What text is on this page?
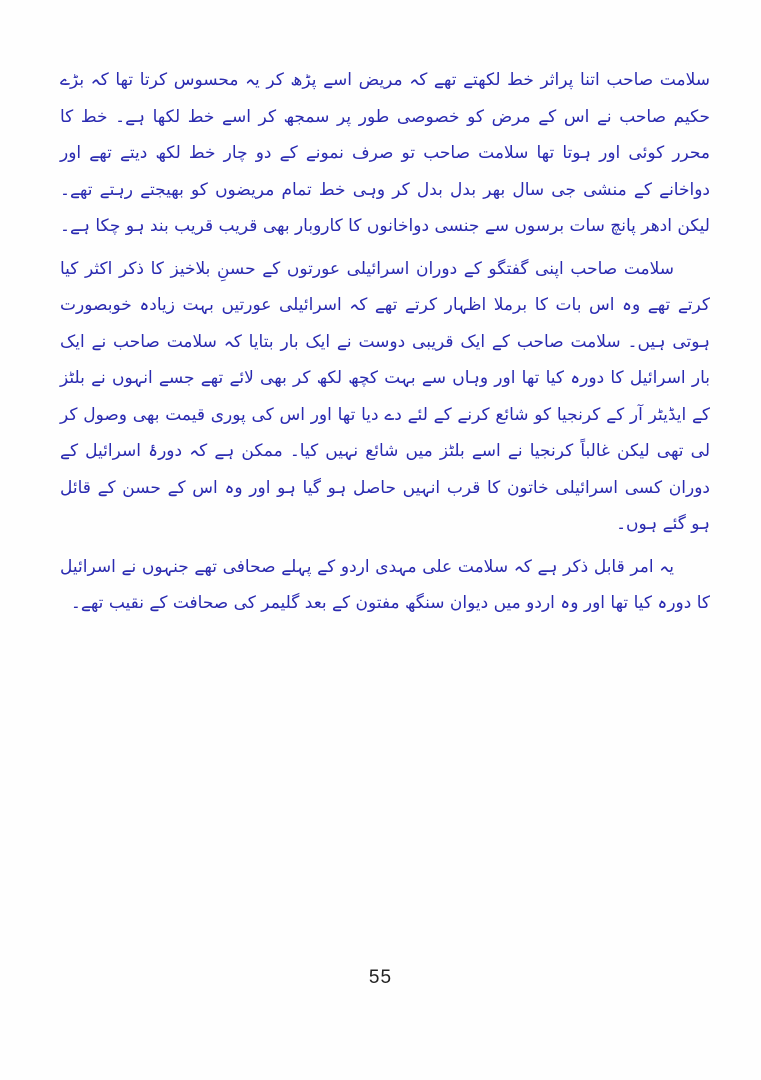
سلامت صاحب اتنا پراثر خط لکھتے تھے کہ مریض اسے پڑھ کر یہ محسوس کرتا تھا کہ بڑے حکیم صاحب نے اس کے مرض کو خصوصی طور پر سمجھ کر اسے خط لکھا ہے۔ خط کا محرر کوئی اور ہوتا تھا سلامت صاحب تو صرف نمونے کے دو چار خط لکھ دیتے تھے اور دواخانے کے منشی جی سال بھر بدل بدل کر وہی خط تمام مریضوں کو بھیجتے رہتے تھے۔ لیکن ادھر پانچ سات برسوں سے جنسی دواخانوں کا کاروبار بھی قریب قریب بند ہو چکا ہے۔

سلامت صاحب اپنی گفتگو کے دوران اسرائیلی عورتوں کے حسنِ بلاخیز کا ذکر اکثر کیا کرتے تھے وہ اس بات کا برملا اظہار کرتے تھے کہ اسرائیلی عورتیں بہت زیادہ خوبصورت ہوتی ہیں۔ سلامت صاحب کے ایک قریبی دوست نے ایک بار بتایا کہ سلامت صاحب نے ایک بار اسرائیل کا دورہ کیا تھا اور وہاں سے بہت کچھ لکھ کر بھی لائے تھے جسے انہوں نے بلٹز کے ایڈیٹر آر کے کرنجیا کو شائع کرنے کے لئے دے دیا تھا اور اس کی پوری قیمت بھی وصول کر لی تھی لیکن غالباً کرنجیا نے اسے بلٹز میں شائع نہیں کیا۔ ممکن ہے کہ دورۂ اسرائیل کے دوران کسی اسرائیلی خاتون کا قرب انہیں حاصل ہو گیا ہو اور وہ اس کے حسن کے قائل ہو گئے ہوں۔

یہ امر قابل ذکر ہے کہ سلامت علی مہدی اردو کے پہلے صحافی تھے جنہوں نے اسرائیل کا دورہ کیا تھا اور وہ اردو میں دیوان سنگھ مفتون کے بعد گلیمر کی صحافت کے نقیب تھے۔

55
